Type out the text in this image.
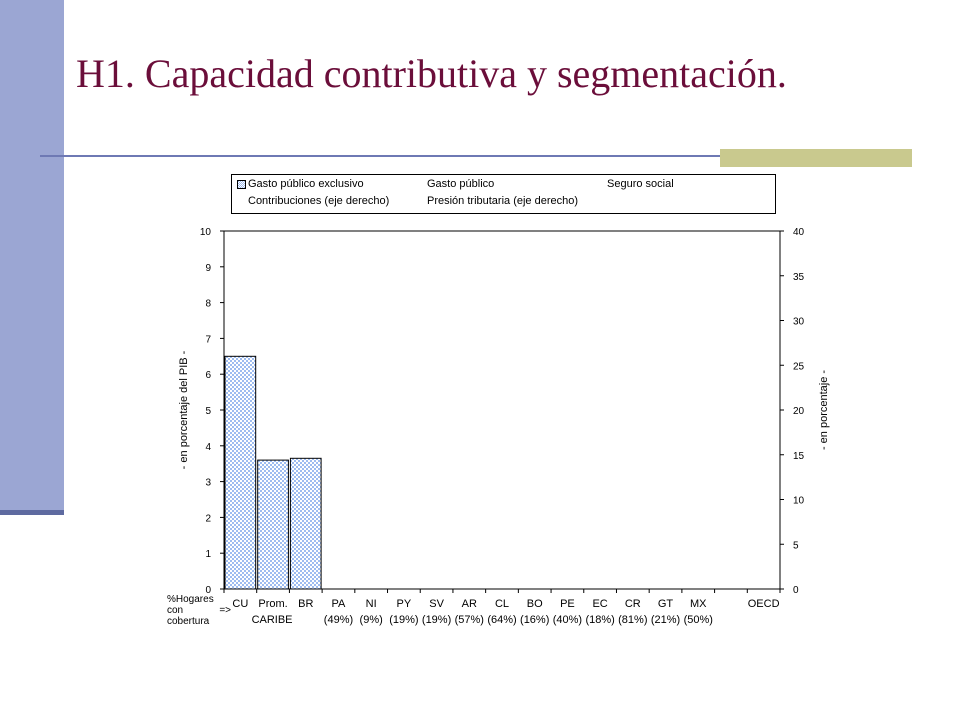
H1. Capacidad contributiva y segmentación.
Gasto público exclusivo	Gasto público	Seguro social
Contribuciones (eje derecho)	Presión tributaria (eje derecho)
0
1
2
3
4
5
6
7
8
9
10
0
5
10
15
20
25
30
35
40
- en porcentaje del PIB -	- en porcentaje -
%Hogares
con	=>
cobertura
CU Prom.
CARIBE
BR	PA
(49%)
NI
(9%)
PY
(19%)
SV
(19%)
AR
(57%)
CL
(64%)
BO
(16%)
PE
(40%)
EC
(18%)
CR
(81%)
GT
(21%)
MX
(50%)
OECD
